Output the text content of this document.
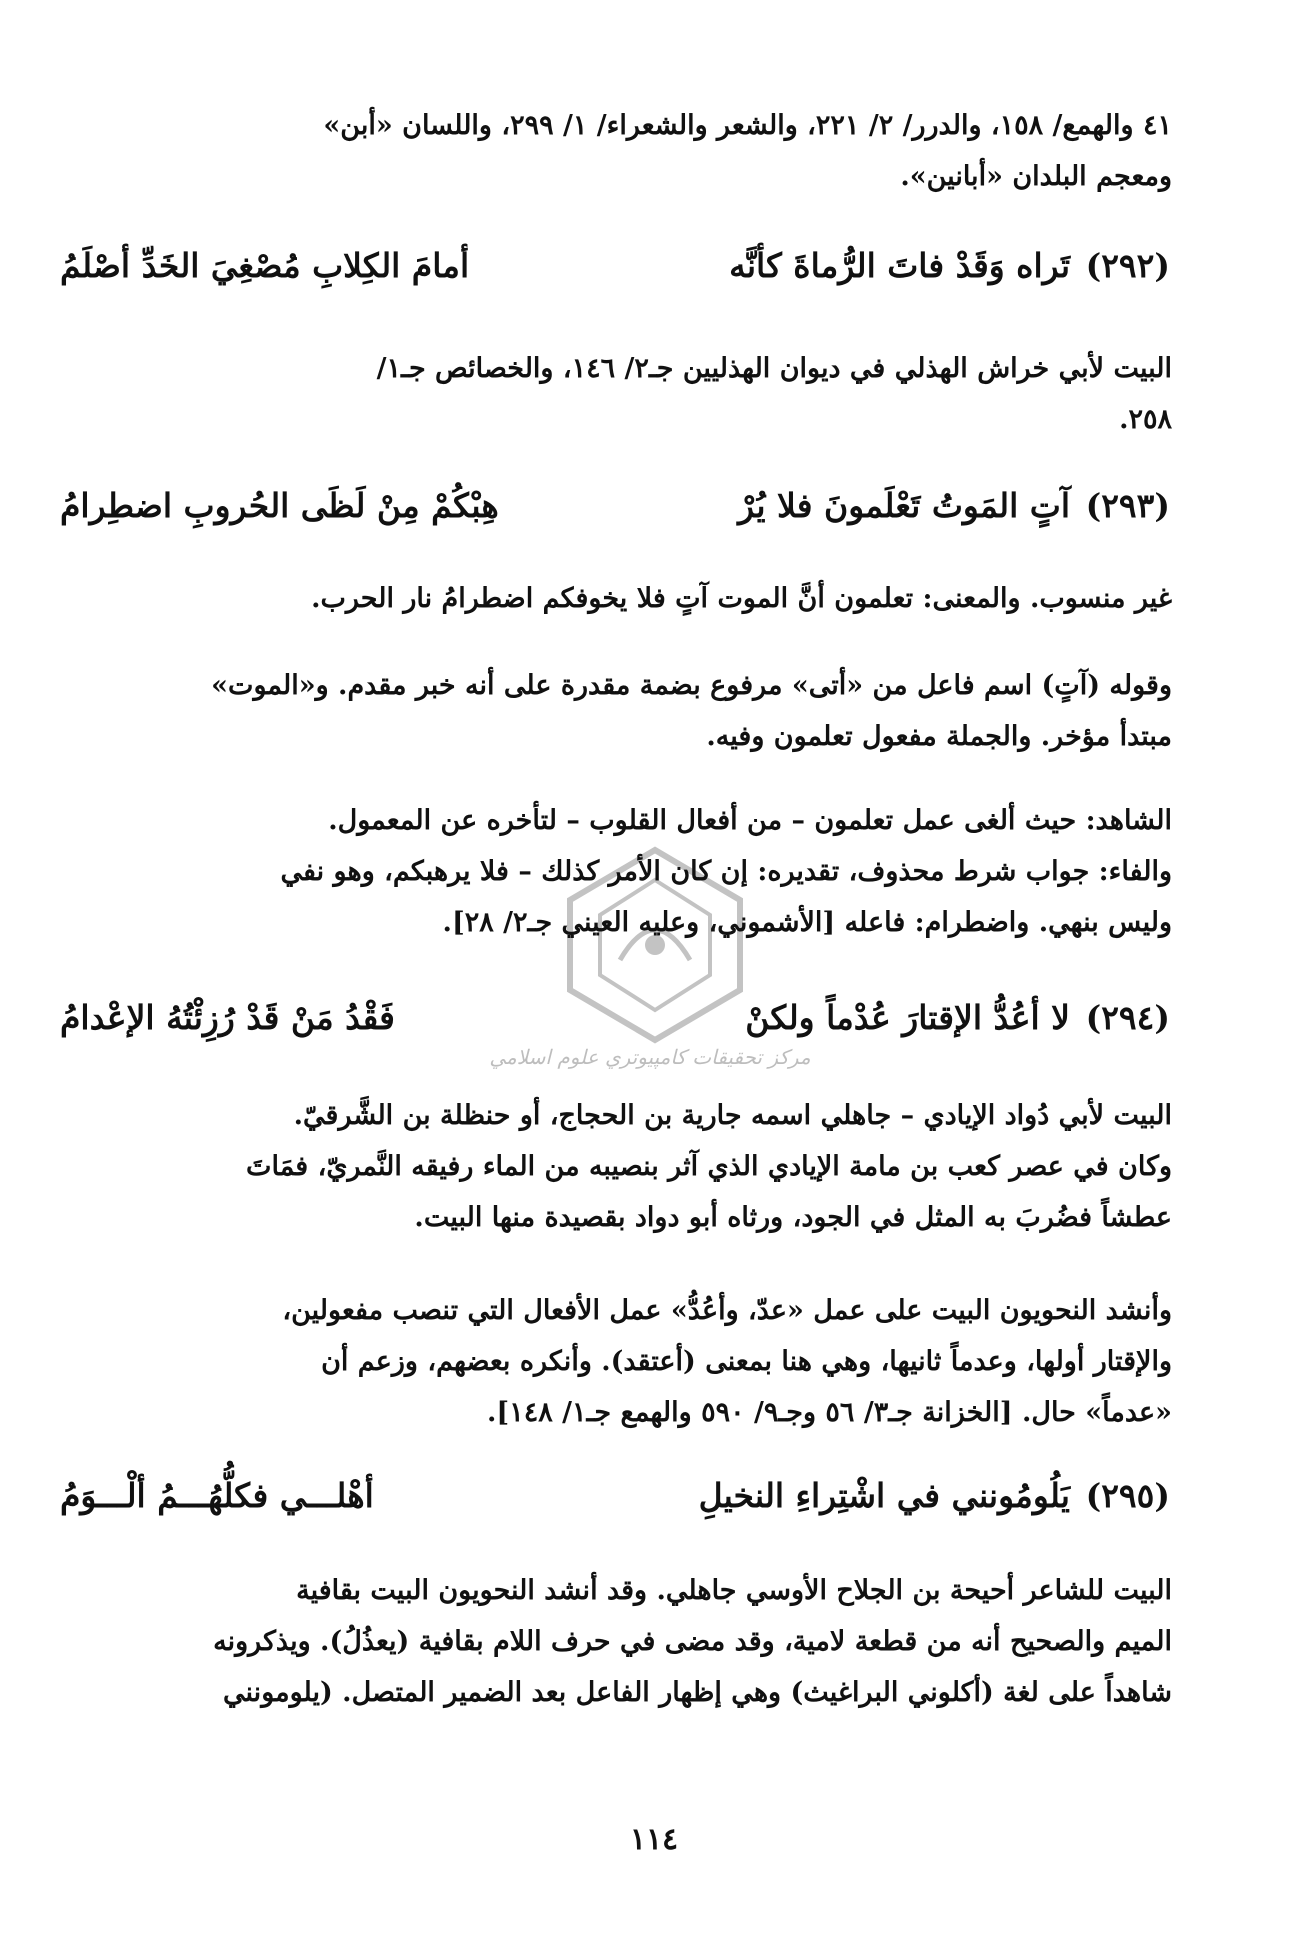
مركز تحقيقات كامپيوتري علوم اسلامي
٤١ والهمع/ ١٥٨، والدرر/ ٢/ ٢٢١، والشعر والشعراء/ ١/ ٢٩٩، واللسان «أبن»
ومعجم البلدان «أبانين».
(٢٩٢)
تَراه وَقَدْ فاتَ الرُّماةَ كأنَّه
أمامَ الكِلابِ مُصْغِيَ الخَدِّ أصْلَمُ
البيت لأبي خراش الهذلي في ديوان الهذليين جـ٢/ ١٤٦، والخصائص جـ١/
٢٥٨.
(٢٩٣)
آتٍ المَوتُ تَعْلَمونَ فلا يُرْ
هِبْكُمْ مِنْ لَظَى الحُروبِ اضطِرامُ
غير منسوب. والمعنى: تعلمون أنَّ الموت آتٍ فلا يخوفكم اضطرامُ نار الحرب.
وقوله (آتٍ) اسم فاعل من «أتى» مرفوع بضمة مقدرة على أنه خبر مقدم. و«الموت»
مبتدأ مؤخر. والجملة مفعول تعلمون وفيه.
الشاهد: حيث ألغى عمل تعلمون – من أفعال القلوب – لتأخره عن المعمول.
والفاء: جواب شرط محذوف، تقديره: إن كان الأمر كذلك – فلا يرهبكم، وهو نفي
وليس بنهي. واضطرام: فاعله [الأشموني، وعليه العيني جـ٢/ ٢٨].
(٢٩٤)
لا أعُدُّ الإقتارَ عُدْماً ولكنْ
فَقْدُ مَنْ قَدْ رُزِئْتُهُ الإعْدامُ
البيت لأبي دُواد الإيادي – جاهلي اسمه جارية بن الحجاج، أو حنظلة بن الشَّرقيّ.
وكان في عصر كعب بن مامة الإيادي الذي آثر بنصيبه من الماء رفيقه النَّمريّ، فمَاتَ
عطشاً فضُربَ به المثل في الجود، ورثاه أبو دواد بقصيدة منها البيت.
وأنشد النحويون البيت على عمل «عدّ، وأعُدُّ» عمل الأفعال التي تنصب مفعولين،
والإقتار أولها، وعدماً ثانيها، وهي هنا بمعنى (أعتقد). وأنكره بعضهم، وزعم أن
«عدماً» حال. [الخزانة جـ٣/ ٥٦ وجـ٩/ ٥٩٠ والهمع جـ١/ ١٤٨].
(٢٩٥)
يَلُومُونني في اشْتِراءِ النخيلِ
أهْلـــي فكلُّهُـــمُ ألْـــوَمُ
البيت للشاعر أحيحة بن الجلاح الأوسي جاهلي. وقد أنشد النحويون البيت بقافية
الميم والصحيح أنه من قطعة لامية، وقد مضى في حرف اللام بقافية (يعذُلُ). ويذكرونه
شاهداً على لغة (أكلوني البراغيث) وهي إظهار الفاعل بعد الضمير المتصل. (يلومونني
١١٤
